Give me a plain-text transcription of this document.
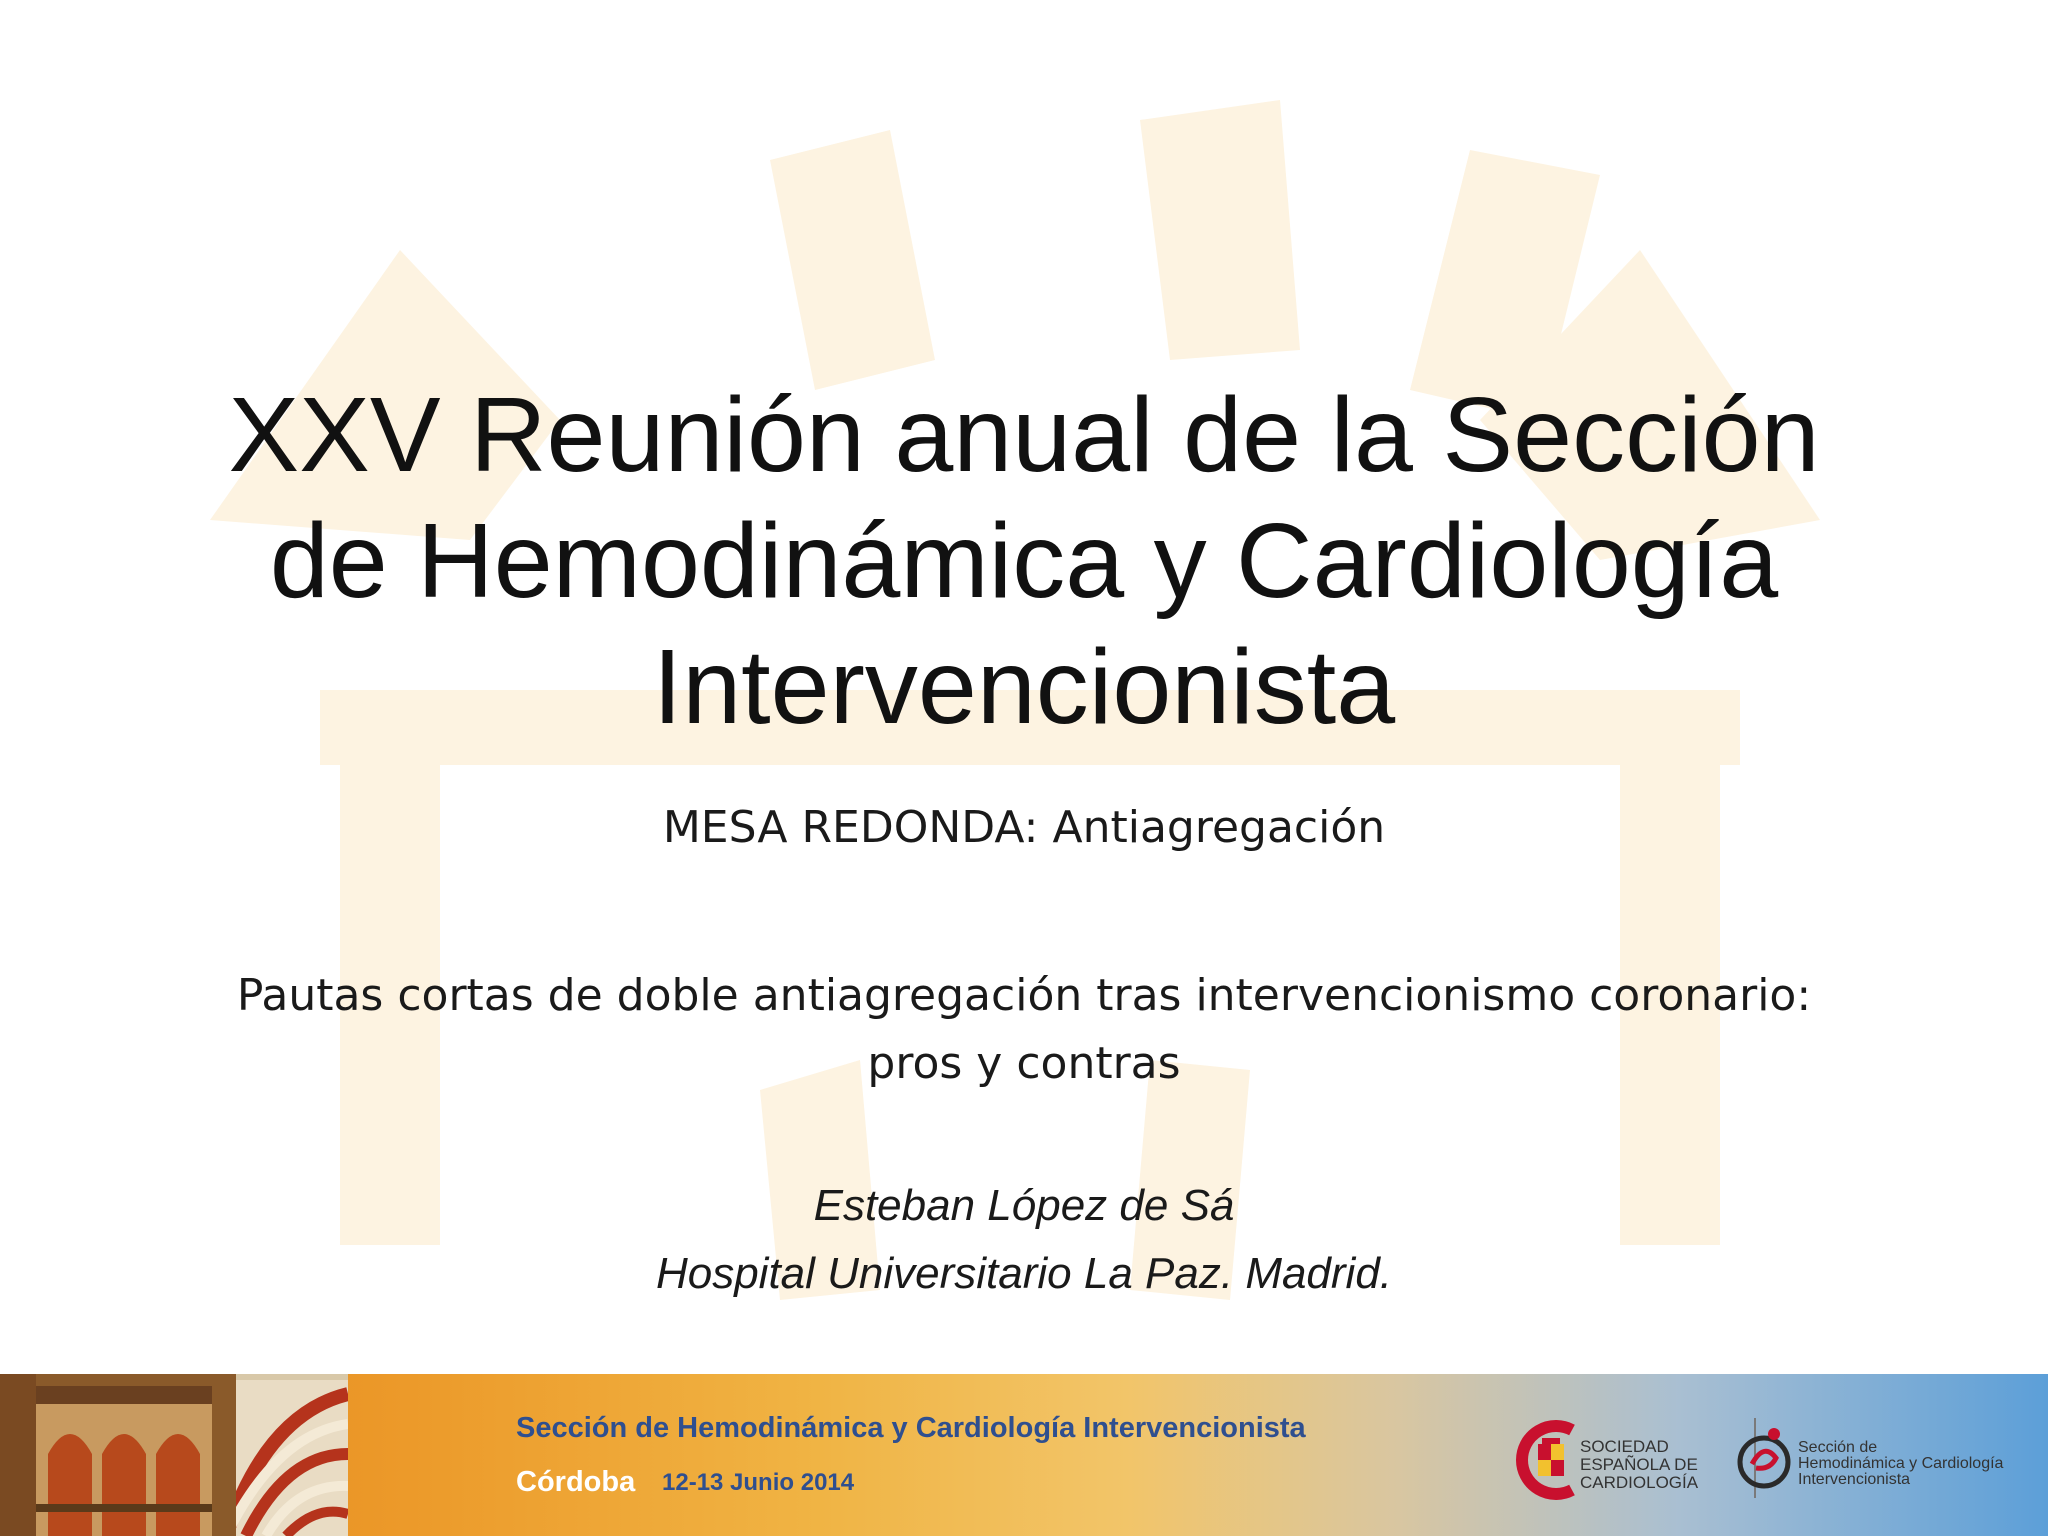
XXV Reunión anual de la Sección
de Hemodinámica y Cardiología
Intervencionista

MESA REDONDA: Antiagregación

Pautas cortas de doble antiagregación tras intervencionismo coronario:
pros y contras

Esteban López de Sá
Hospital Universitario La Paz. Madrid.

Sección de Hemodinámica y Cardiología Intervencionista
Córdoba 12-13 Junio 2014
SOCIEDAD
ESPAÑOLA DE
CARDIOLOGÍA
Sección de
Hemodinámica y Cardiología
Intervencionista
